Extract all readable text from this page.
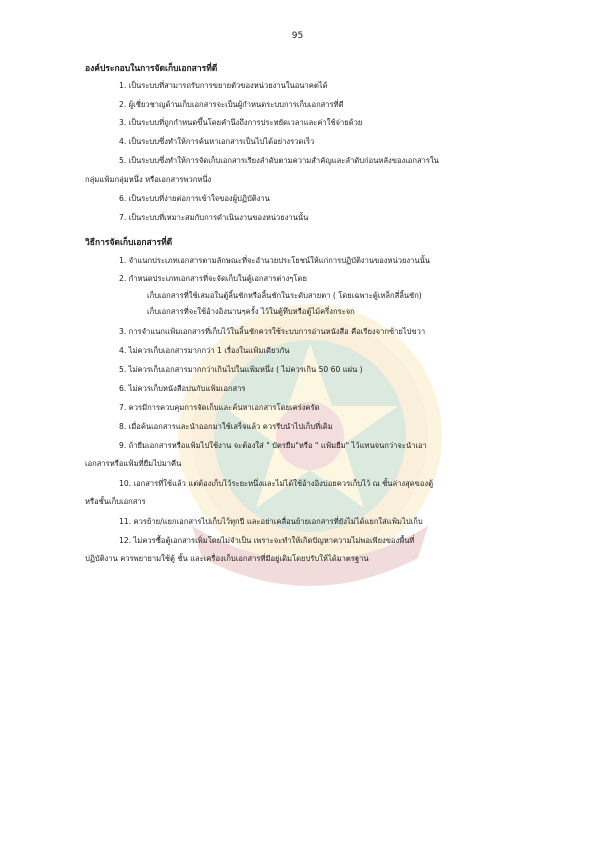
95
องค์ประกอบในการจัดเก็บเอกสารที่ดี
1. เป็นระบบที่สามารถรับการขยายตัวของหน่วยงานในอนาคตได้
2. ผู้เชี่ยวชาญด้านเก็บเอกสารจะเป็นผู้กำหนดระบบการเก็บเอกสารที่ดี
3. เป็นระบบที่ถูกกำหนดขึ้นโดยคำนึงถึงการประหยัดเวลาและค่าใช้จ่ายด้วย
4. เป็นระบบซึ่งทำให้การค้นหาเอกสารเป็นไปได้อย่างรวดเร็ว
5. เป็นระบบซึ่งทำให้การจัดเก็บเอกสารเรียงลำดับตามความสำคัญและลำดับก่อนหลังของเอกสารใน
กลุ่มแฟ้มกลุ่มหนึ่ง หรือเอกสารพวกหนึ่ง
6. เป็นระบบที่ง่ายต่อการเข้าใจของผู้ปฏิบัติงาน
7. เป็นระบบที่เหมาะสมกับการดำเนินงานของหน่วยงานนั้น
วิธีการจัดเก็บเอกสารที่ดี
1. จำแนกประเภทเอกสารตามลักษณะที่จะอำนวยประโยชน์ให้แก่การปฏิบัติงานของหน่วยงานนั้น
2. กำหนดประเภทเอกสารที่จะจัดเก็บในตู้เอกสารต่างๆโดย
เก็บเอกสารที่ใช้เสมอในตู้ลิ้นชักหรือลิ้นชักในระดับสายตา ( โดยเฉพาะตู้เหล็กสี่ลิ้นชัก)
เก็บเอกสารที่จะใช้อ้างอิงนานๆครั้ง ไว้ในตู้ทึบหรือตู้ไม้ครึ่งกระจก
3. การจำแนกแฟ้มเอกสารที่เก็บไว้ในลิ้นชักควรใช้ระบบการอ่านหนังสือ คือเรียงจากซ้ายไปขวา
4. ไม่ควรเก็บเอกสารมากกว่า 1 เรื่องในแฟ้มเดียวกัน
5. ไม่ควรเก็บเอกสารมากกว่าเกินไปในแฟ้มหนึ่ง ( ไม่ควรเกิน 50 60 แผ่น )
6. ไม่ควรเก็บหนังสือปนกับแฟ้มเอกสาร
7. ควรมีการควบคุมการจัดเก็บและค้นหาเอกสารโดยเคร่งครัด
8. เมื่อค้นเอกสารและนำออกมาใช้เสร็จแล้ว ควรรีบนำไปเก็บที่เดิม
9. ถ้ายืมเอกสารหรือแฟ้มไปใช้งาน จะต้องใส่ " บัตรยืม"หรือ " แฟ้มยืม" ไว้แทนจนกว่าจะนำเอา
เอกสารหรือแฟ้มที่ยืมไปมาคืน
10. เอกสารที่ใช้แล้ว แต่ต้องเก็บไว้ระยะหนึ่งและไม่ได้ใช้อ้างอิงบ่อยควรเก็บไว้ ณ ชั้นล่างสุดของตู้
หรือชั้นเก็บเอกสาร
11. ควรย้าย/แยกเอกสารไปเก็บไว้ทุกปี และอย่าเคลื่อนย้ายเอกสารที่ยังไม่ได้แยกใส่แฟ้มไปเก็บ
12. ไม่ควรซื้อตู้เอกสารเพิ่มโดยไม่จำเป็น เพราะจะทำให้เกิดปัญหาความไม่พอเพียงของพื้นที่
ปฏิบัติงาน ควรพยายามใช้ตู้ ชั้น และเครื่องเก็บเอกสารที่มีอยู่เดิมโดยปรับให้ได้มาตรฐาน
